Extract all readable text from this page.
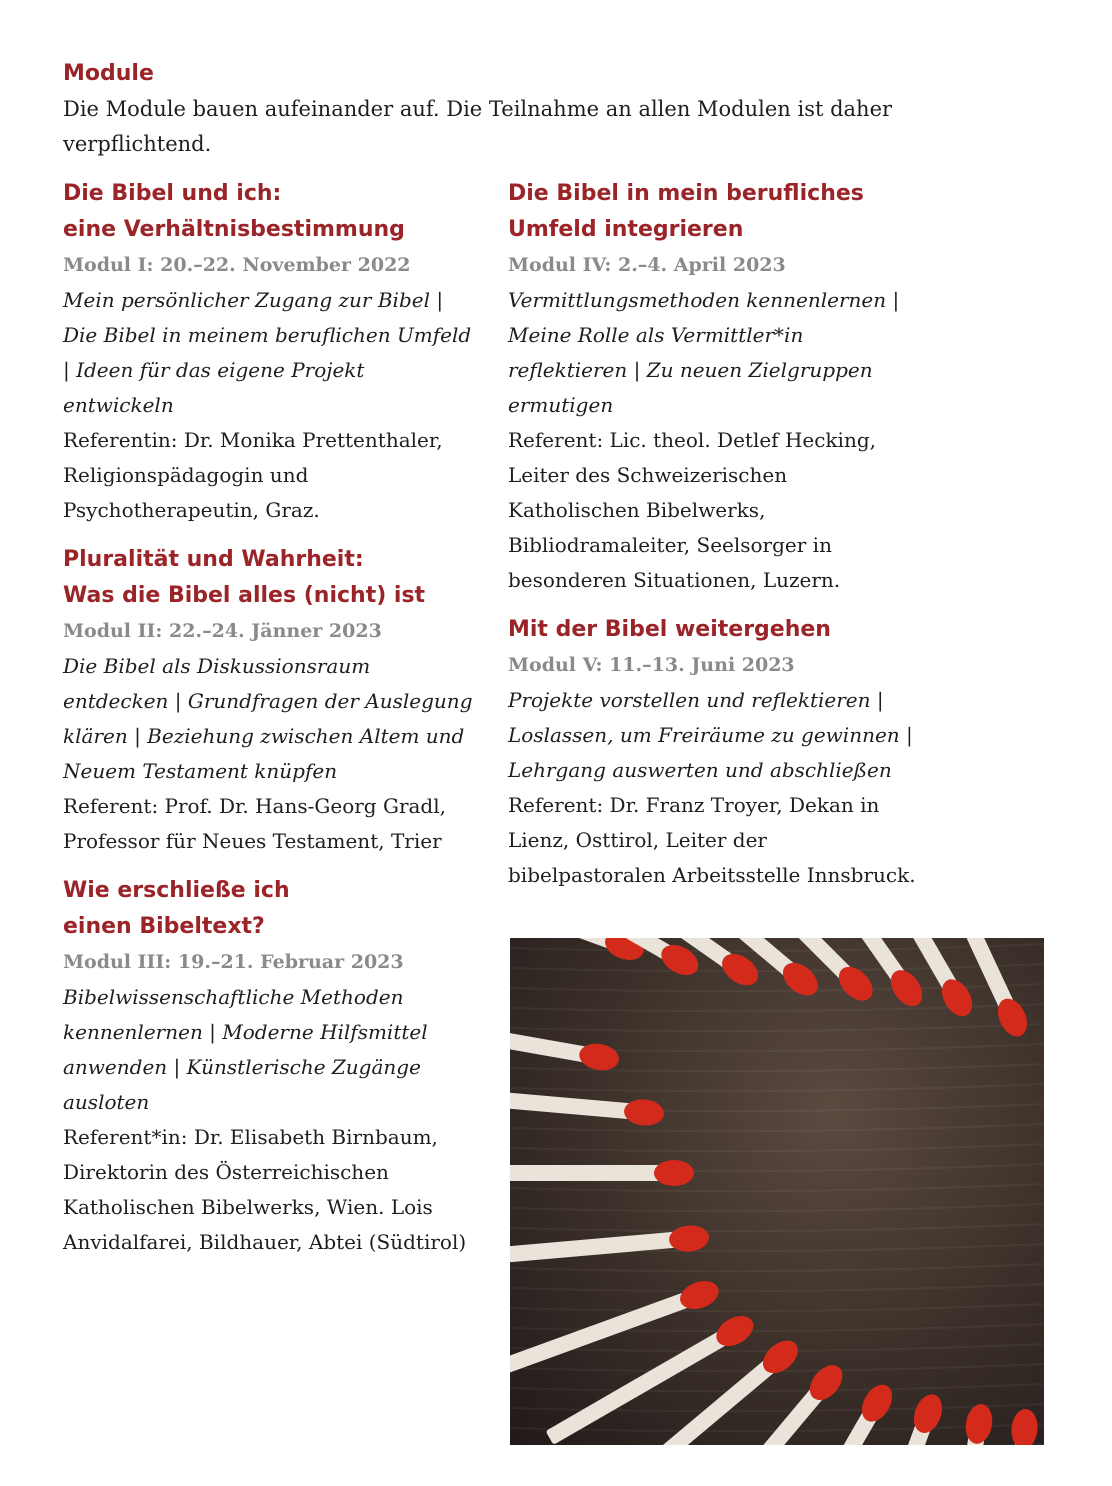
Module

Die Module bauen aufeinander auf. Die Teilnahme an allen Modulen ist daher verpflichtend.

Die Bibel und ich:
eine Verhältnisbestimmung

Modul I: 20.–22. November 2022

Mein persönlicher Zugang zur Bibel | Die Bibel in meinem beruflichen Umfeld | Ideen für das eigene Projekt entwickeln

Referentin: Dr. Monika Prettenthaler, Religionspädagogin und Psychotherapeutin, Graz.

Pluralität und Wahrheit:
Was die Bibel alles (nicht) ist

Modul II: 22.–24. Jänner 2023

Die Bibel als Diskussionsraum entdecken | Grundfragen der Auslegung klären | Beziehung zwischen Altem und Neuem Testament knüpfen

Referent: Prof. Dr. Hans-Georg Gradl, Professor für Neues Testament, Trier

Wie erschließe ich
einen Bibeltext?

Modul III: 19.–21. Februar 2023

Bibelwissenschaftliche Methoden kennenlernen | Moderne Hilfsmittel anwenden | Künstlerische Zugänge ausloten

Referent*in: Dr. Elisabeth Birnbaum, Direktorin des Österreichischen Katholischen Bibelwerks, Wien. Lois Anvidalfarei, Bildhauer, Abtei (Südtirol)

Die Bibel in mein berufliches
Umfeld integrieren

Modul IV: 2.–4. April 2023

Vermittlungsmethoden kennenlernen | Meine Rolle als Vermittler*in reflektieren | Zu neuen Zielgruppen ermutigen

Referent: Lic. theol. Detlef Hecking, Leiter des Schweizerischen Katholischen Bibelwerks, Bibliodramaleiter, Seelsorger in besonderen Situationen, Luzern.

Mit der Bibel weitergehen

Modul V: 11.–13. Juni 2023

Projekte vorstellen und reflektieren | Loslassen, um Freiräume zu gewinnen | Lehrgang auswerten und abschließen

Referent: Dr. Franz Troyer, Dekan in Lienz, Osttirol, Leiter der bibelpastoralen Arbeitsstelle Innsbruck.
